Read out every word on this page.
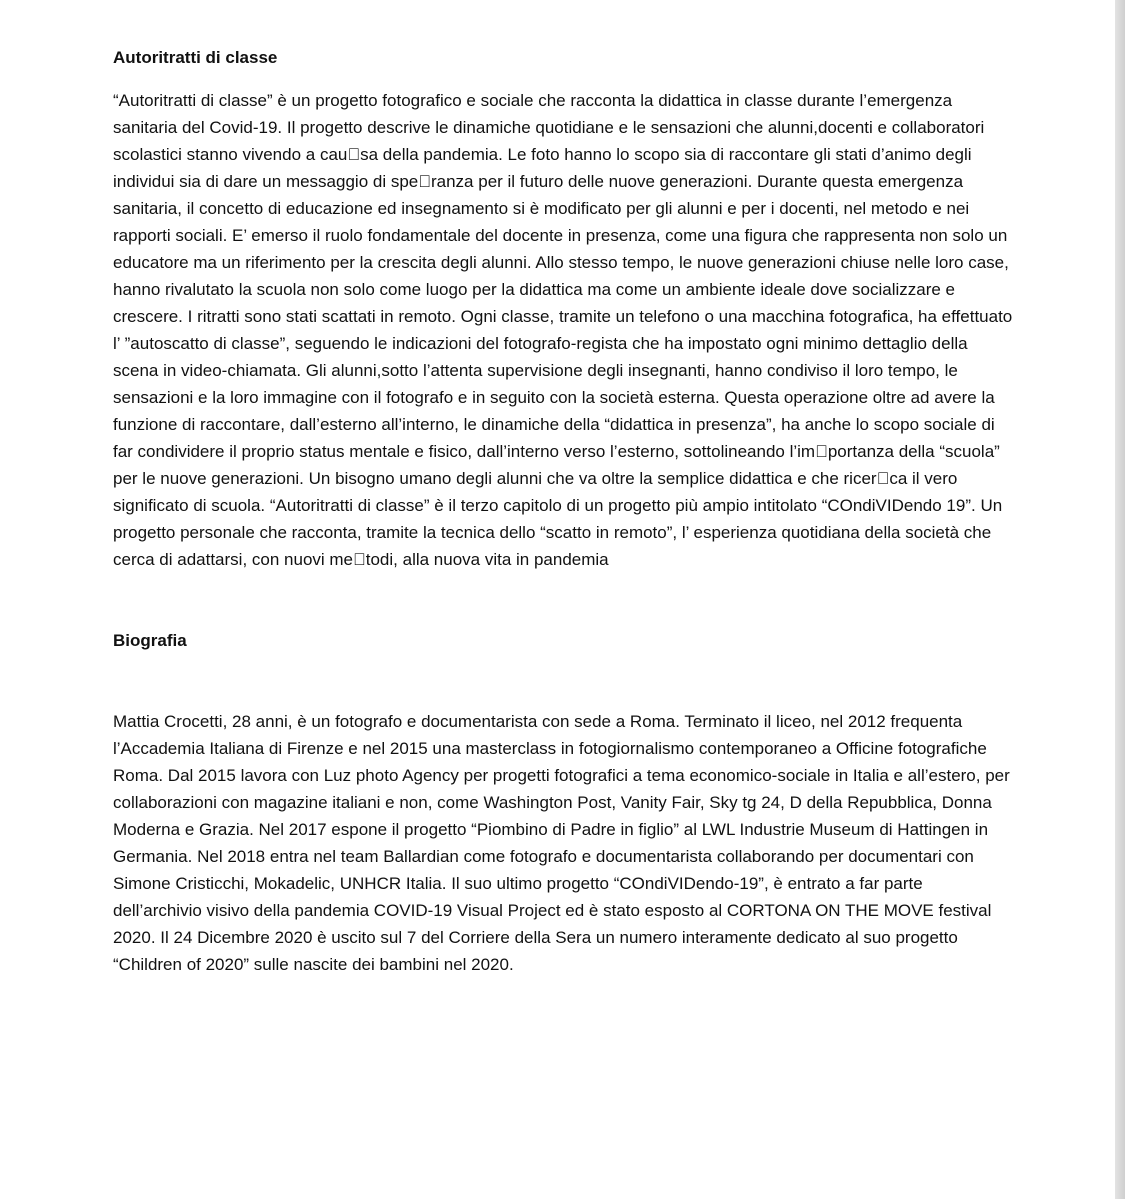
Autoritratti di classe

“Autoritratti di classe” è un progetto fotografico e sociale che racconta la didattica in classe durante l’emergenza sanitaria del Covid-19. Il progetto descrive le dinamiche quotidiane e le sensazioni che alunni,docenti e collaboratori scolastici stanno vivendo a cau sa della pandemia. Le foto hanno lo scopo sia di raccontare gli stati d’animo degli individui sia di dare un messaggio di spe ranza per il futuro delle nuove generazioni. Durante questa emergenza sanitaria, il concetto di educazione ed insegnamento si è modificato per gli alunni e per i docenti, nel metodo e nei rapporti sociali. E’ emerso il ruolo fondamentale del docente in presenza, come una figura che rappresenta non solo un educatore ma un riferimento per la crescita degli alunni. Allo stesso tempo, le nuove generazioni chiuse nelle loro case, hanno rivalutato la scuola non solo come luogo per la didattica ma come un ambiente ideale dove socializzare e crescere. I ritratti sono stati scattati in remoto. Ogni classe, tramite un telefono o una macchina fotografica, ha effettuato l’ ”autoscatto di classe”, seguendo le indicazioni del fotografo-regista che ha impostato ogni minimo dettaglio della scena in video-chiamata. Gli alunni,sotto l’attenta supervisione degli insegnanti, hanno condiviso il loro tempo, le sensazioni e la loro immagine con il fotografo e in seguito con la società esterna. Questa operazione oltre ad avere la funzione di raccontare, dall’esterno all’interno, le dinamiche della “didattica in presenza”, ha anche lo scopo sociale di far condividere il proprio status mentale e fisico, dall’interno verso l’esterno, sottolineando l’im portanza della “scuola” per le nuove generazioni. Un bisogno umano degli alunni che va oltre la semplice didattica e che ricer ca il vero significato di scuola. “Autoritratti di classe” è il terzo capitolo di un progetto più ampio intitolato “COndiVIDendo 19”. Un progetto personale che racconta, tramite la tecnica dello “scatto in remoto”, l’ esperienza quotidiana della società che cerca di adattarsi, con nuovi me todi, alla nuova vita in pandemia

Biografia

Mattia Crocetti, 28 anni, è un fotografo e documentarista con sede a Roma. Terminato il liceo, nel 2012 frequenta l’Accademia Italiana di Firenze e nel 2015 una masterclass in fotogiornalismo contemporaneo a Officine fotografiche Roma. Dal 2015 lavora con Luz photo Agency per progetti fotografici a tema economico-sociale in Italia e all’estero, per collaborazioni con magazine italiani e non, come Washington Post, Vanity Fair, Sky tg 24, D della Repubblica, Donna Moderna e Grazia. Nel 2017 espone il progetto “Piombino di Padre in figlio” al LWL Industrie Museum di Hattingen in Germania. Nel 2018 entra nel team Ballardian come fotografo e documentarista collaborando per documentari con Simone Cristicchi, Mokadelic, UNHCR Italia. Il suo ultimo progetto “COndiVIDendo-19”, è entrato a far parte dell’archivio visivo della pandemia COVID-19 Visual Project ed è stato esposto al CORTONA ON THE MOVE festival 2020. Il 24 Dicembre 2020 è uscito sul 7 del Corriere della Sera un numero interamente dedicato al suo progetto “Children of 2020” sulle nascite dei bambini nel 2020.
